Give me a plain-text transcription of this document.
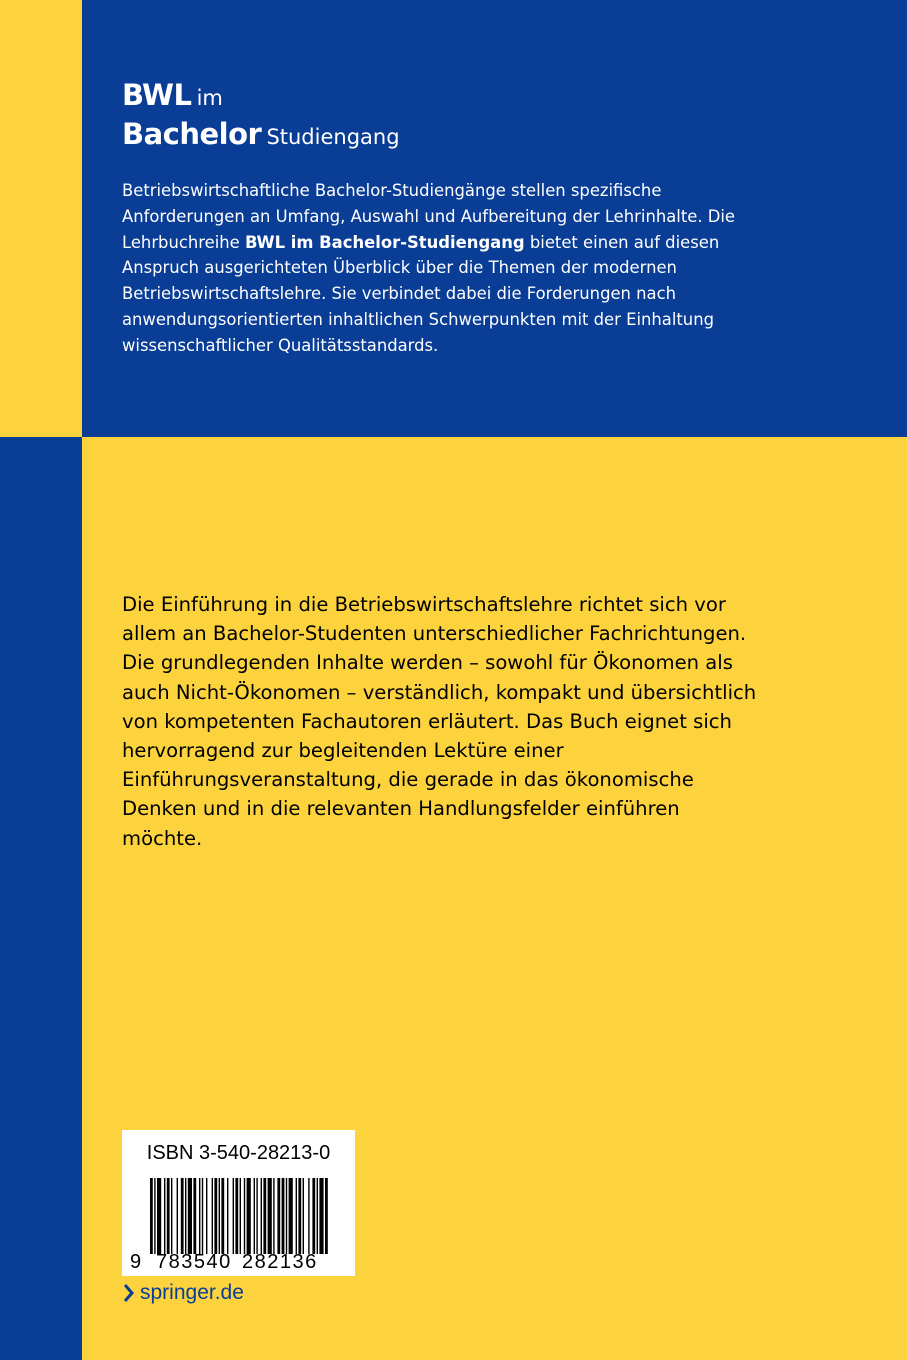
BWL im
Bachelor Studiengang

Betriebswirtschaftliche Bachelor-Studiengänge stellen spezifische Anforderungen an Umfang, Auswahl und Aufbereitung der Lehrinhalte. Die Lehrbuchreihe BWL im Bachelor-Studiengang bietet einen auf diesen Anspruch ausgerichteten Überblick über die Themen der modernen Betriebswirtschaftslehre. Sie verbindet dabei die Forderungen nach anwendungsorientierten inhaltlichen Schwerpunkten mit der Einhaltung wissenschaftlicher Qualitätsstandards.

Die Einführung in die Betriebswirtschaftslehre richtet sich vor allem an Bachelor-Studenten unterschiedlicher Fachrichtungen. Die grundlegenden Inhalte werden – sowohl für Ökonomen als auch Nicht-Ökonomen – verständlich, kompakt und übersichtlich von kompetenten Fachautoren erläutert. Das Buch eignet sich hervorragend zur begleitenden Lektüre einer Einführungsveranstaltung, die gerade in das ökonomische Denken und in die relevanten Handlungsfelder einführen möchte.

ISBN 3-540-28213-0
9 783540 282136
springer.de
